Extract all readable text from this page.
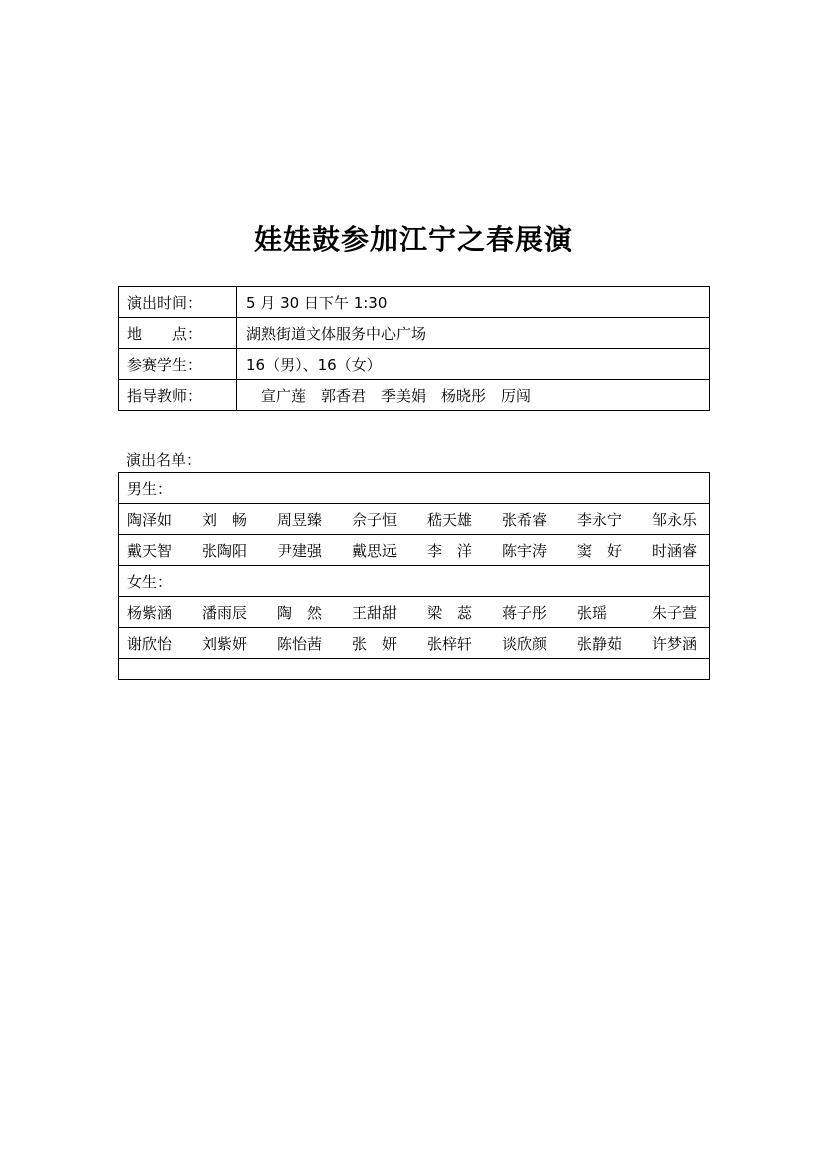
娃娃鼓参加江宁之春展演
演出时间：	5 月 30 日下午 1:30
地　　点：	湖熟街道文体服务中心广场
参赛学生：	16（男）、16（女）
指导教师：	　宣广莲　郭香君　季美娟　杨晓彤　厉闯
演出名单：
男生：

陶泽如	刘　畅	周昱臻	佘子恒	嵇天雄	张希睿	李永宁	邹永乐

戴天智	张陶阳	尹建强	戴思远	李　洋	陈宇涛	窦　好	时涵睿

女生：

杨紫涵	潘雨辰	陶　然	王甜甜	梁　蕊	蒋子彤	张瑶	朱子萱

谢欣怡	刘紫妍	陈怡茜	张　妍	张梓轩	谈欣颜	张静茹	许梦涵
